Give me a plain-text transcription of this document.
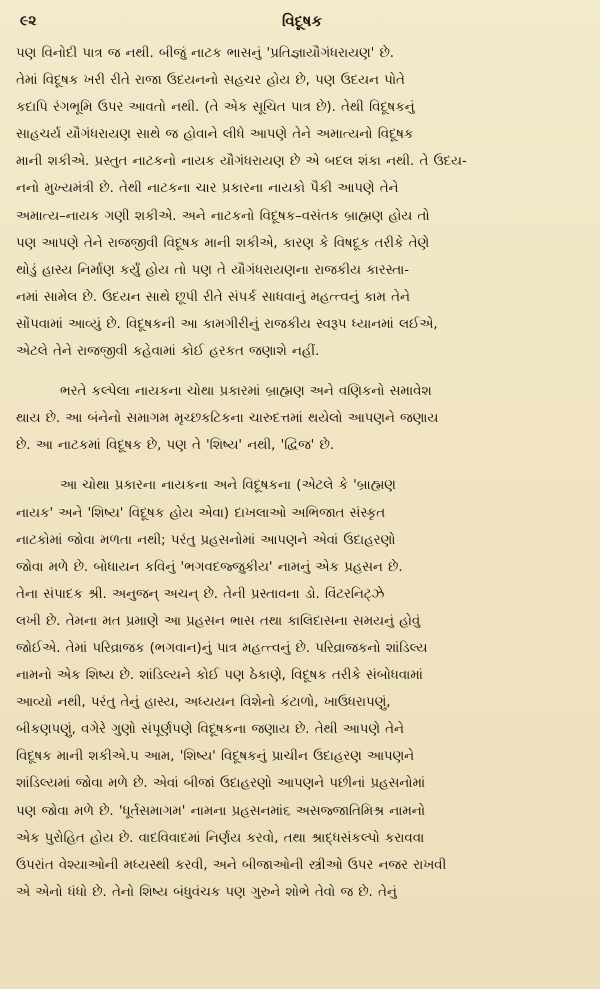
૯૨	વિદૂષક
પણ વિનોદી પાત્ર જ નથી. બીજું નાટક ભાસનું 'પ્રતિજ્ઞાયૌગંધરાયણ' છે.
તેમાં વિદૂષક ખરી રીતે રાજા ઉદયનનો સહચર હોય છે, પણ ઉદયન પોતે
કદાપિ રંગભૂમિ ઉપર આવતો નથી. (તે એક સૂચિત પાત્ર છે). તેથી વિદૂષકનું
સાહચર્ય યૌગંધરાયણ સાથે જ હોવાને લીધે આપણે તેને અમાત્યનો વિદૂષક
માની શકીએ. પ્રસ્તુત નાટકનો નાયક યૌગંધરાયણ છે એ બદલ શંકા નથી. તે ઉદય-
નનો મુખ્યમંત્રી છે. તેથી નાટકના ચાર પ્રકારના નાયકો પૈકી આપણે તેને
અમાત્ય–નાયક ગણી શકીએ. અને નાટકનો વિદૂષક–વસંતક બ્રાહ્મણ હોય તો
પણ આપણે તેને રાજજીવી વિદૂષક માની શકીએ, કારણ કે વિષદૂક તરીકે તેણે
થોડું હાસ્ય નિર્માણ કર્યું હોય તો પણ તે યૌગંધરાયણના રાજકીય કારસ્તા-
નમાં સામેલ છે. ઉદયન સાથે છૂપી રીતે સંપર્ક સાધવાનું મહત્ત્વનું કામ તેને
સોંપવામાં આવ્યું છે. વિદૂષકની આ કામગીરીનું રાજકીય સ્વરૂપ ધ્યાનમાં લઈએ,
એટલે તેને રાજજીવી કહેવામાં કોઈ હરકત જણાશે નહીં.
ભરતે કલ્પેલા નાયકના ચોથા પ્રકારમાં બ્રાહ્મણ અને વણિકનો સમાવેશ
થાય છે. આ બંનેનો સમાગમ મૃચ્છકટિકના ચારુદત્તમાં થયેલો આપણને જણાય
છે. આ નાટકમાં વિદૂષક છે, પણ તે 'શિષ્ય' નથી, 'દ્વિજ' છે.
આ ચોથા પ્રકારના નાયકના અને વિદૂષકના (એટલે કે 'બ્રાહ્મણ
નાયક' અને 'શિષ્ય' વિદૂષક હોય એવા) દાખલાઓ અભિજાત સંસ્કૃત
નાટકોમાં જોવા મળતા નથી; પરંતુ પ્રહસનોમાં આપણને એવાં ઉદાહરણો
જોવા મળે છે. બોધાયન કવિનું 'ભગવદજ્જુકીય' નામનું એક પ્રહસન છે.
તેના સંપાદક શ્રી. અનુજન્ અચન્ છે. તેની પ્રસ્તાવના ડો. વિંટરનિટ્ઝે
લખી છે. તેમના મત પ્રમાણે આ પ્રહસન ભાસ તથા કાલિદાસના સમયનું હોવું
જોઈએ. તેમાં પરિવ્રાજક (ભગવાન)નું પાત્ર મહત્ત્વનું છે. પરિવ્રાજકનો શાંડિલ્ય
નામનો એક શિષ્ય છે. શાંડિલ્યને કોઈ પણ ઠેકાણે, વિદૂષક તરીકે સંબોધવામાં
આવ્યો નથી, પરંતુ તેનું હાસ્ય, અધ્યયન વિશેનો કંટાળો, ખાઉધરાપણું,
બીકણપણું, વગેરે ગુણો સંપૂર્ણપણે વિદૂષકના જણાય છે. તેથી આપણે તેને
વિદૂષક માની શકીએ.૫ આમ, 'શિષ્ય' વિદૂષકનું પ્રાચીન ઉદાહરણ આપણને
શાંડિલ્યમાં જોવા મળે છે. એવાં બીજાં ઉદાહરણો આપણને પછીનાં પ્રહસનોમાં
પણ જોવા મળે છે. 'ધૂર્તસમાગમ' નામના પ્રહસનમાં૬ અસજ્જાતિમિશ્ર નામનો
એક પુરોહિત હોય છે. વાદવિવાદમાં નિર્ણય કરવો, તથા શ્રાદ્ધસંકલ્પો કરાવવા
ઉપરાંત વેશ્યાઓની મધ્યસ્થી કરવી, અને બીજાઓની સ્ત્રીઓ ઉપર નજર રાખવી
એ એનો ધંધો છે. તેનો શિષ્ય બંધુવંચક પણ ગુરુને શોભે તેવો જ છે. તેનું
